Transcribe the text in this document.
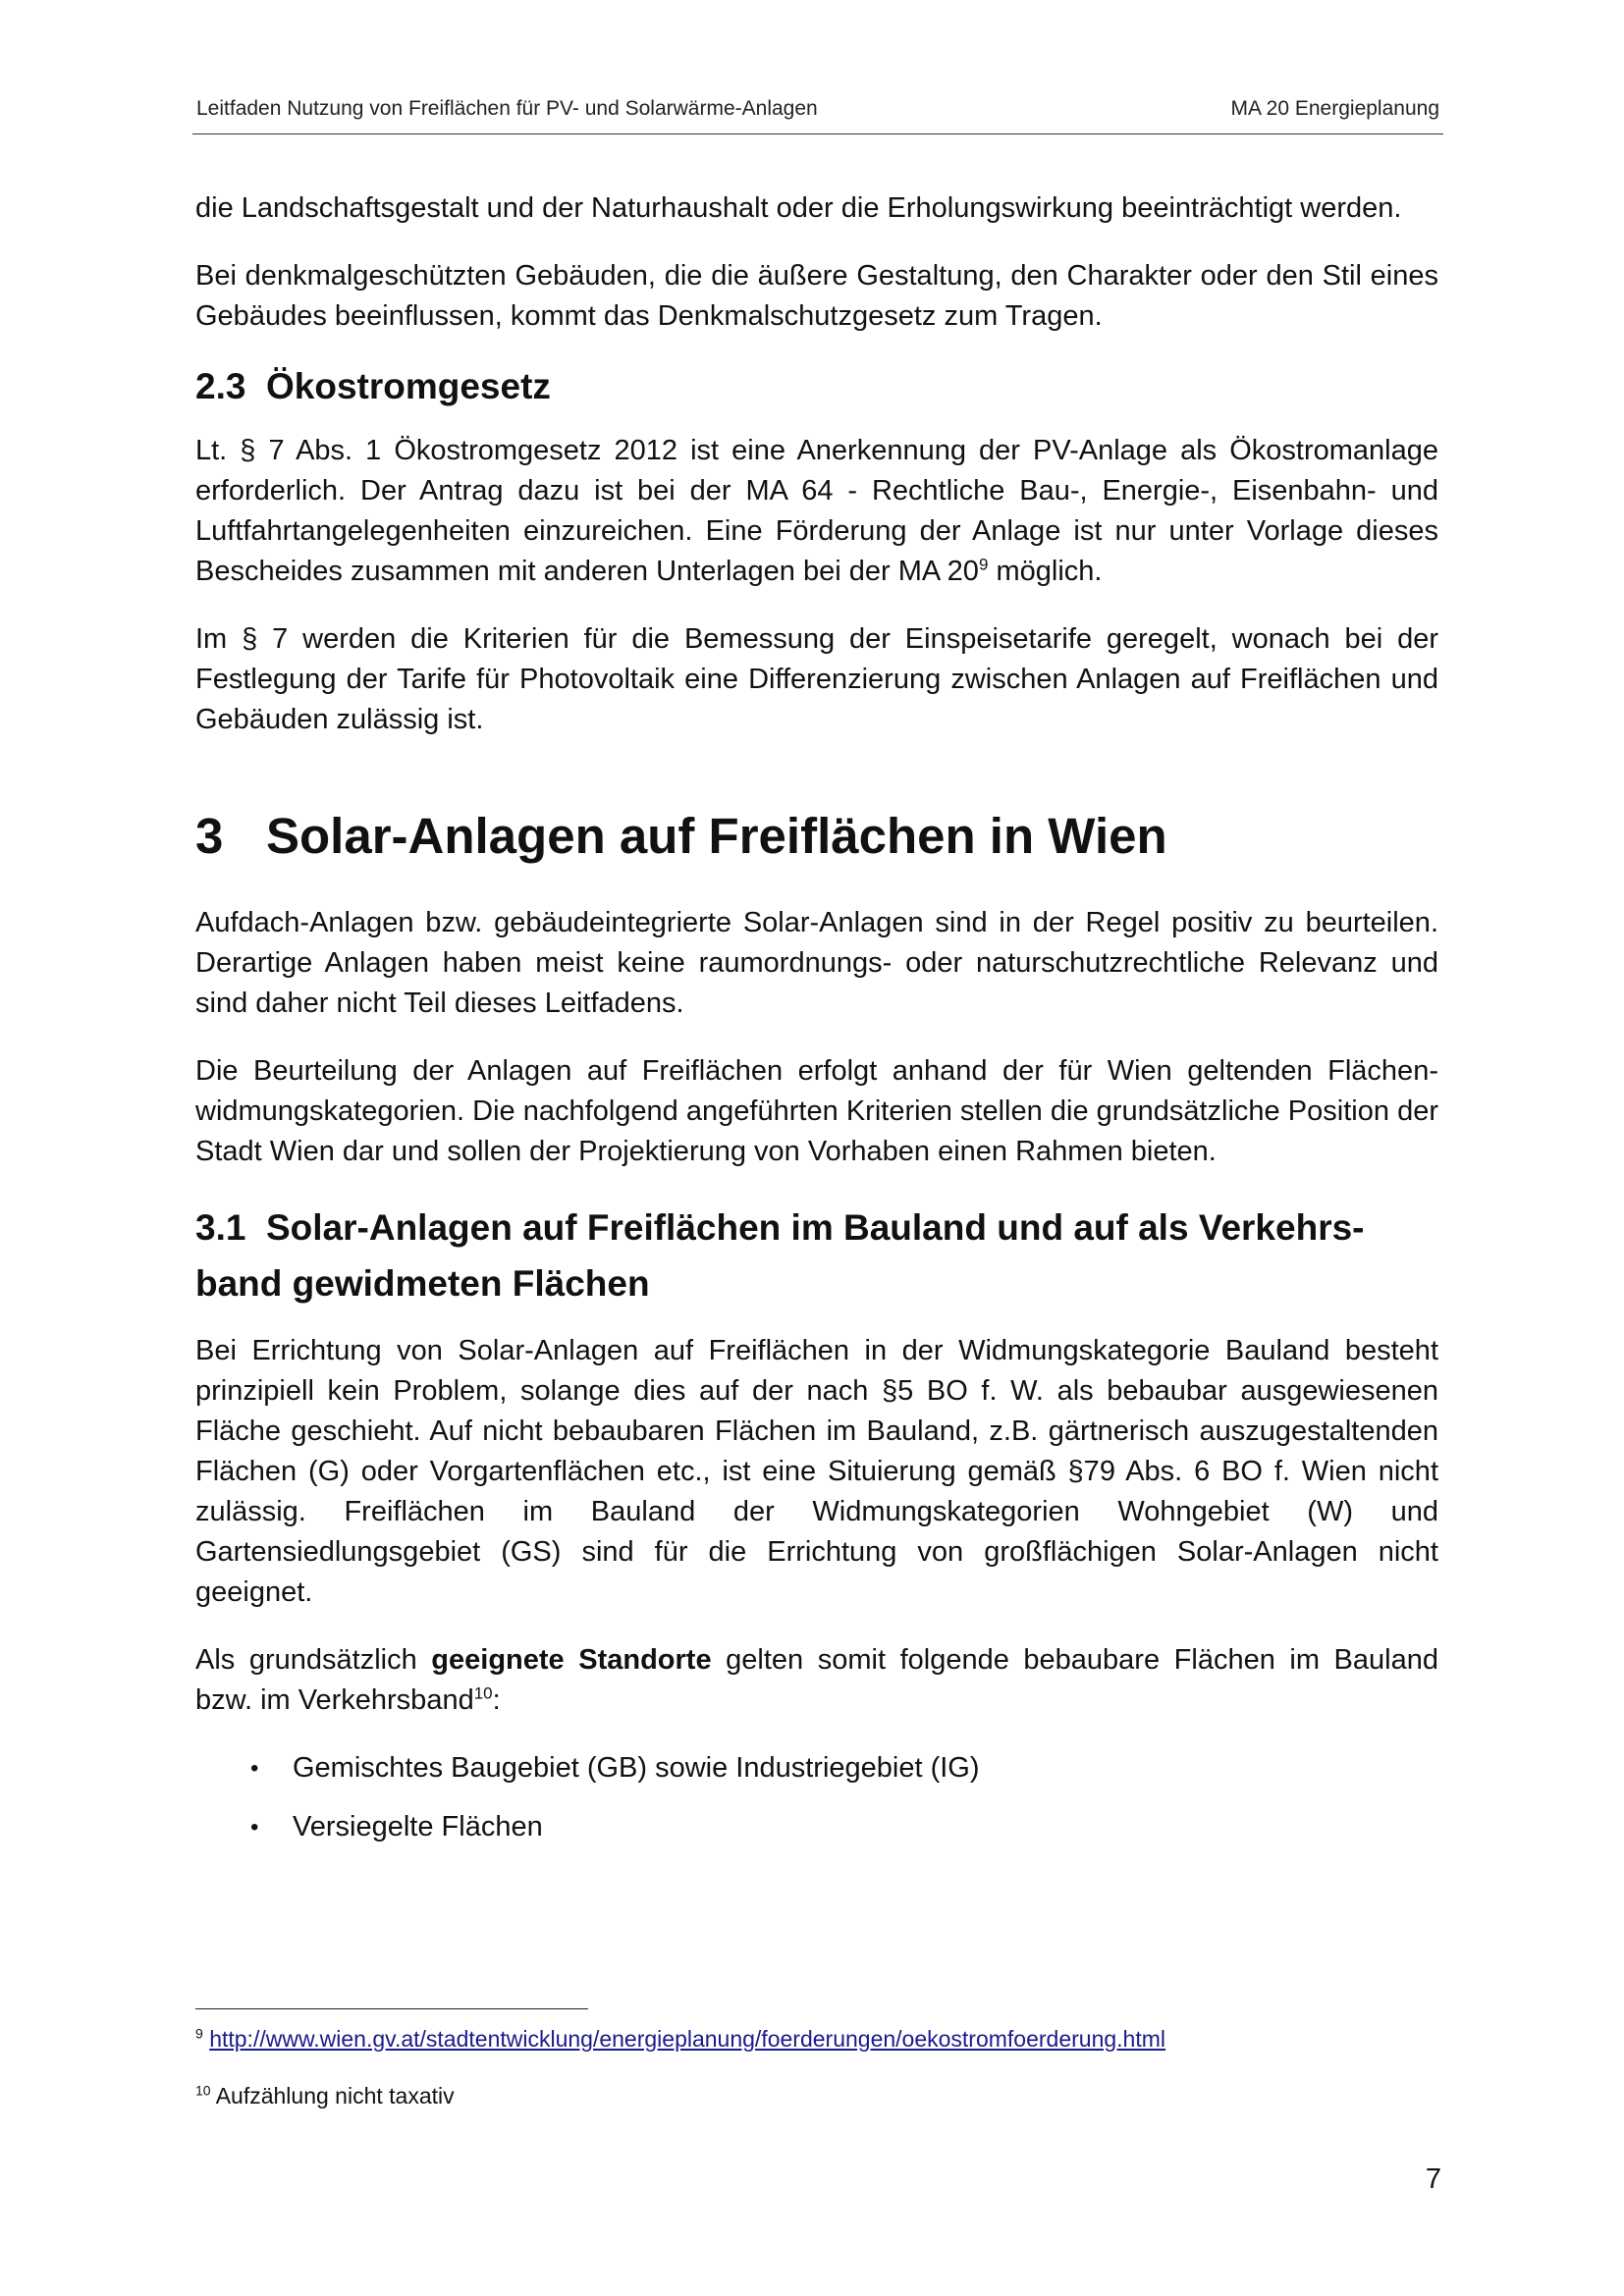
Leitfaden Nutzung von Freiflächen für PV- und Solarwärme-Anlagen	MA 20 Energieplanung

die Landschaftsgestalt und der Naturhaushalt oder die Erholungswirkung beeinträchtigt werden.

Bei denkmalgeschützten Gebäuden, die die äußere Gestaltung, den Charakter oder den Stil eines Gebäudes beeinflussen, kommt das Denkmalschutzgesetz zum Tragen.

2.3 Ökostromgesetz

Lt. § 7 Abs. 1 Ökostromgesetz 2012 ist eine Anerkennung der PV-Anlage als Ökostromanlage erforderlich. Der Antrag dazu ist bei der MA 64 - Rechtliche Bau-, Energie-, Eisenbahn- und Luftfahrtangelegenheiten einzureichen. Eine Förderung der Anlage ist nur unter Vorlage dieses Bescheides zusammen mit anderen Unterlagen bei der MA $20^9$ möglich.

Im § 7 werden die Kriterien für die Bemessung der Einspeisetarife geregelt, wonach bei der Festlegung der Tarife für Photovoltaik eine Differenzierung zwischen Anlagen auf Freiflächen und Gebäuden zulässig ist.

3 Solar-Anlagen auf Freiflächen in Wien

Aufdach-Anlagen bzw. gebäudeintegrierte Solar-Anlagen sind in der Regel positiv zu beurteilen. Derartige Anlagen haben meist keine raumordnungs- oder naturschutzrechtliche Relevanz und sind daher nicht Teil dieses Leitfadens.

Die Beurteilung der Anlagen auf Freiflächen erfolgt anhand der für Wien geltenden Flächenwidmungskategorien. Die nachfolgend angeführten Kriterien stellen die grundsätzliche Position der Stadt Wien dar und sollen der Projektierung von Vorhaben einen Rahmen bieten.

3.1 Solar-Anlagen auf Freiflächen im Bauland und auf als Verkehrs-
band gewidmeten Flächen

Bei Errichtung von Solar-Anlagen auf Freiflächen in der Widmungskategorie Bauland besteht prinzipiell kein Problem, solange dies auf der nach §5 BO f. W. als bebaubar ausgewiesenen Fläche geschieht. Auf nicht bebaubaren Flächen im Bauland, z.B. gärtnerisch auszugestaltenden Flächen (G) oder Vorgartenflächen etc., ist eine Situierung gemäß §79 Abs. 6 BO f. Wien nicht zulässig. Freiflächen im Bauland der Widmungskategorien Wohngebiet (W) und Gartensiedlungsgebiet (GS) sind für die Errichtung von großflächigen Solar-Anlagen nicht geeignet.

Als grundsätzlich geeignete Standorte gelten somit folgende bebaubare Flächen im Bauland bzw. im Verkehrsband$^{10}$:

• Gemischtes Baugebiet (GB) sowie Industriegebiet (IG)
• Versiegelte Flächen
$^9$ http://www.wien.gv.at/stadtentwicklung/energieplanung/foerderungen/oekostromfoerderung.html
$^{10}$ Aufzählung nicht taxativ
7
